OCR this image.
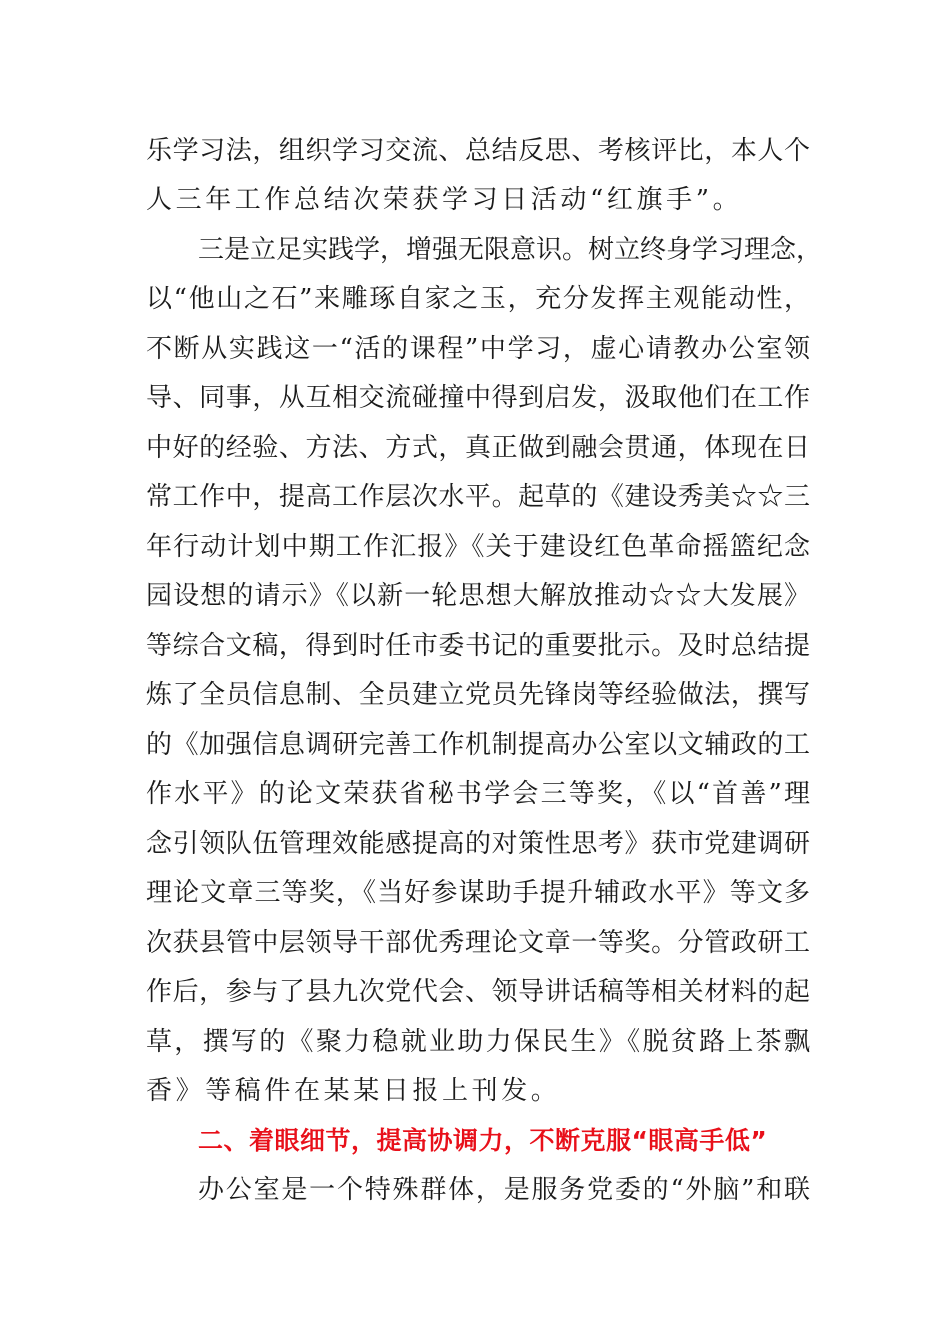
乐学习法，组织学习交流、总结反思、考核评比，本人个
人三年工作总结次荣获学习日活动“红旗手”。
三是立足实践学，增强无限意识。树立终身学习理念，
以“他山之石”来雕琢自家之玉，充分发挥主观能动性，
不断从实践这一“活的课程”中学习，虚心请教办公室领
导、同事，从互相交流碰撞中得到启发，汲取他们在工作
中好的经验、方法、方式，真正做到融会贯通，体现在日
常工作中，提高工作层次水平。起草的《建设秀美☆☆三
年行动计划中期工作汇报》《关于建设红色革命摇篮纪念
园设想的请示》《以新一轮思想大解放推动☆☆大发展》
等综合文稿，得到时任市委书记的重要批示。及时总结提
炼了全员信息制、全员建立党员先锋岗等经验做法，撰写
的《加强信息调研完善工作机制提高办公室以文辅政的工
作水平》的论文荣获省秘书学会三等奖，《以“首善”理
念引领队伍管理效能感提高的对策性思考》获市党建调研
理论文章三等奖，《当好参谋助手提升辅政水平》等文多
次获县管中层领导干部优秀理论文章一等奖。分管政研工
作后，参与了县九次党代会、领导讲话稿等相关材料的起
草，撰写的《聚力稳就业助力保民生》《脱贫路上茶飘
香》等稿件在某某日报上刊发。
二、着眼细节，提高协调力，不断克服“眼高手低”
办公室是一个特殊群体，是服务党委的“外脑”和联
